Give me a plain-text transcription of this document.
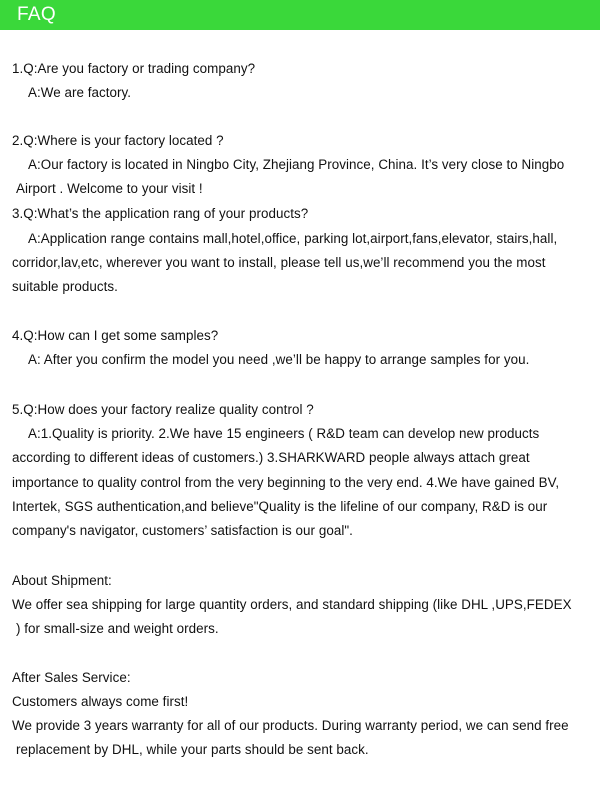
FAQ
1.Q:Are you factory or trading company?
A:We are factory.
2.Q:Where is your factory located ?
A:Our factory is located in Ningbo City, Zhejiang Province, China. It’s very close to Ningbo
Airport . Welcome to your visit !
3.Q:What’s the application rang of your products?
A:Application range contains mall,hotel,office, parking lot,airport,fans,elevator, stairs,hall,
corridor,lav,etc, wherever you want to install, please tell us,we’ll recommend you the most
suitable products.
4.Q:How can I get some samples?
A: After you confirm the model you need ,we’ll be happy to arrange samples for you.
5.Q:How does your factory realize quality control ?
A:1.Quality is priority. 2.We have 15 engineers ( R&D team can develop new products
according to different ideas of customers.) 3.SHARKWARD people always attach great
importance to quality control from the very beginning to the very end. 4.We have gained BV,
Intertek, SGS authentication,and believe"Quality is the lifeline of our company, R&D is our
company's navigator, customers’ satisfaction is our goal".
About Shipment:
We offer sea shipping for large quantity orders, and standard shipping (like DHL ,UPS,FEDEX
) for small-size and weight orders.
After Sales Service:
Customers always come first!
We provide 3 years warranty for all of our products. During warranty period, we can send free
replacement by DHL, while your parts should be sent back.
